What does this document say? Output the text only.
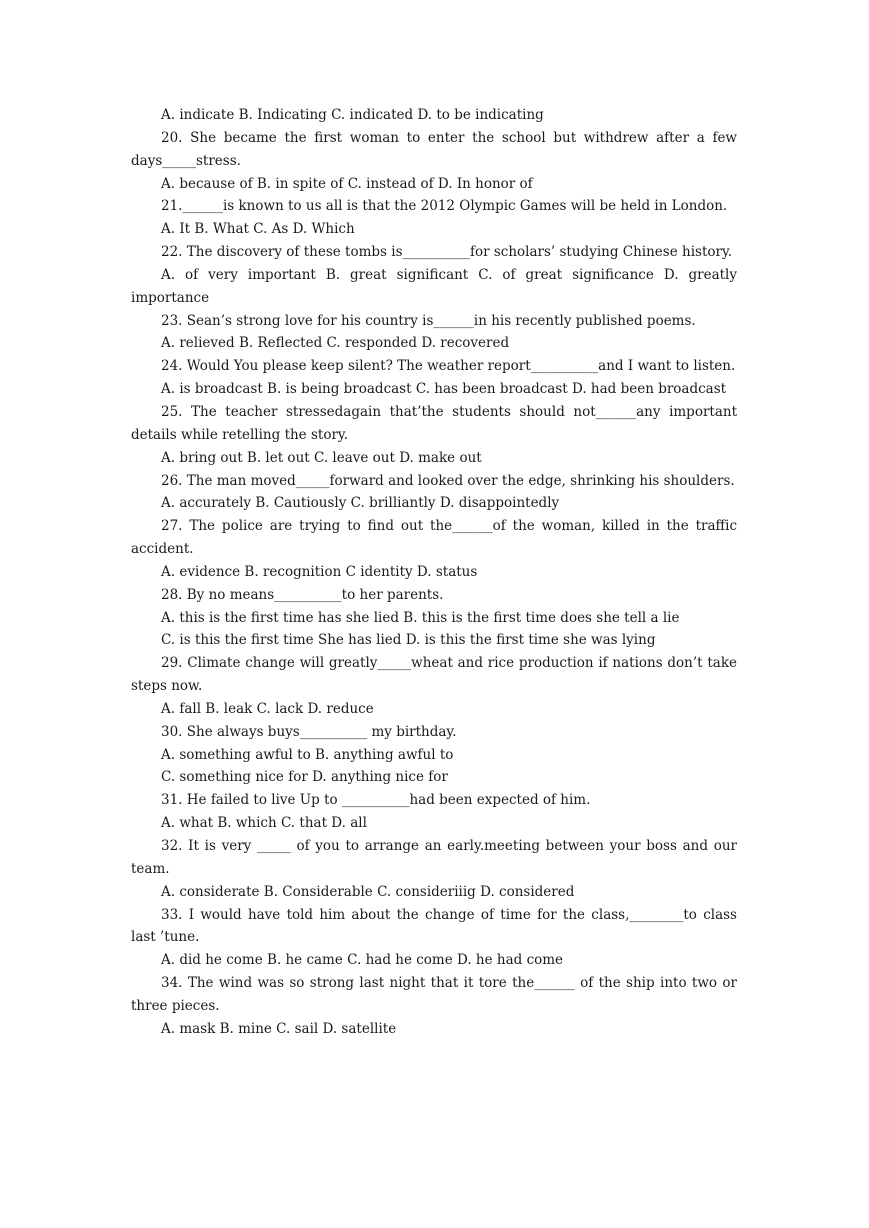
A. indicate B. Indicating C. indicated D. to be indicating
20. She became the first woman to enter the school but withdrew after a few days_____stress.
A. because of B. in spite of C. instead of D. In honor of
21.______is known to us all is that the 2012 Olympic Games will be held in London.
A. It B. What C. As D. Which
22. The discovery of these tombs is__________for scholars’ studying Chinese history.
A. of very important B. great significant C. of great significance D. greatly importance
23. Sean’s strong love for his country is______in his recently published poems.
A. relieved B. Reflected C. responded D. recovered
24. Would You please keep silent? The weather report__________and I want to listen.
A. is broadcast B. is being broadcast C. has been broadcast D. had been broadcast
25. The teacher stressedagain that’the students should not______any important details while retelling the story.
A. bring out B. let out C. leave out D. make out
26. The man moved_____forward and looked over the edge, shrinking his shoulders.
A. accurately B. Cautiously C. brilliantly D. disappointedly
27. The police are trying to find out the______of the woman, killed in the traffic accident.
A. evidence B. recognition C identity D. status
28. By no means__________to her parents.
A. this is the first time has she lied B. this is the first time does she tell a lie
C. is this the first time She has lied D. is this the first time she was lying
29. Climate change will greatly_____wheat and rice production if nations don’t take steps now.
A. fall B. leak C. lack D. reduce
30. She always buys__________ my birthday.
A. something awful to B. anything awful to
C. something nice for D. anything nice for
31. He failed to live Up to __________had been expected of him.
A. what B. which C. that D. all
32. It is very _____ of you to arrange an early.meeting between your boss and our team.
A. considerate B. Considerable C. consideriiig D. considered
33. I would have told him about the change of time for the class,________to class last ’tune.
A. did he come B. he came C. had he come D. he had come
34. The wind was so strong last night that it tore the______ of the ship into two or three pieces.
A. mask B. mine C. sail D. satellite
